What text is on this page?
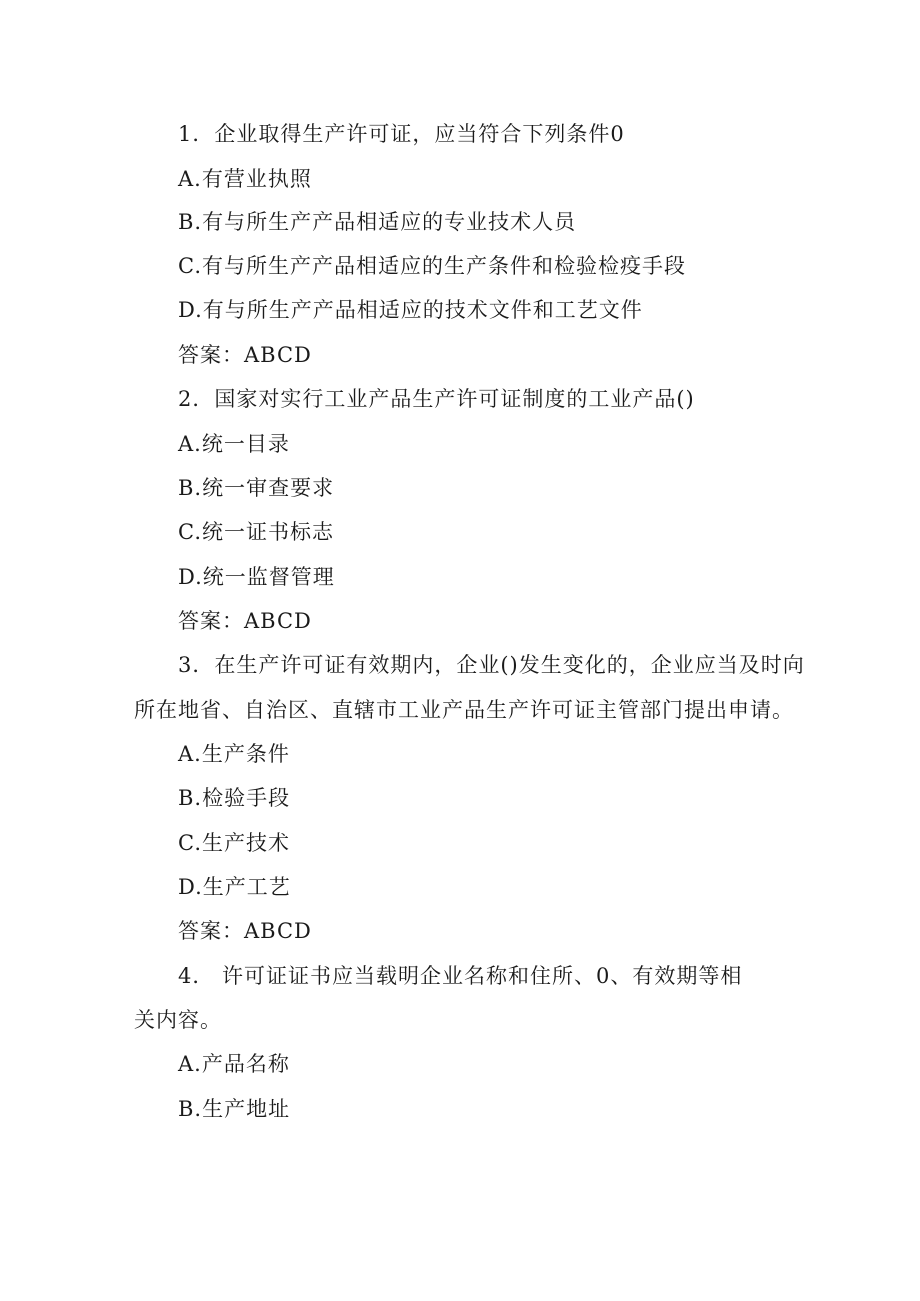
1．企业取得生产许可证，应当符合下列条件0
A.有营业执照
B.有与所生产产品相适应的专业技术人员
C.有与所生产产品相适应的生产条件和检验检疫手段
D.有与所生产产品相适应的技术文件和工艺文件
答案：ABCD
2．国家对实行工业产品生产许可证制度的工业产品()
A.统一目录
B.统一审查要求
C.统一证书标志
D.统一监督管理
答案：ABCD
3．在生产许可证有效期内，企业()发生变化的，企业应当及时向
所在地省、自治区、直辖市工业产品生产许可证主管部门提出申请。
A.生产条件
B.检验手段
C.生产技术
D.生产工艺
答案：ABCD
4． 许可证证书应当载明企业名称和住所、0、有效期等相
关内容。
A.产品名称
B.生产地址
